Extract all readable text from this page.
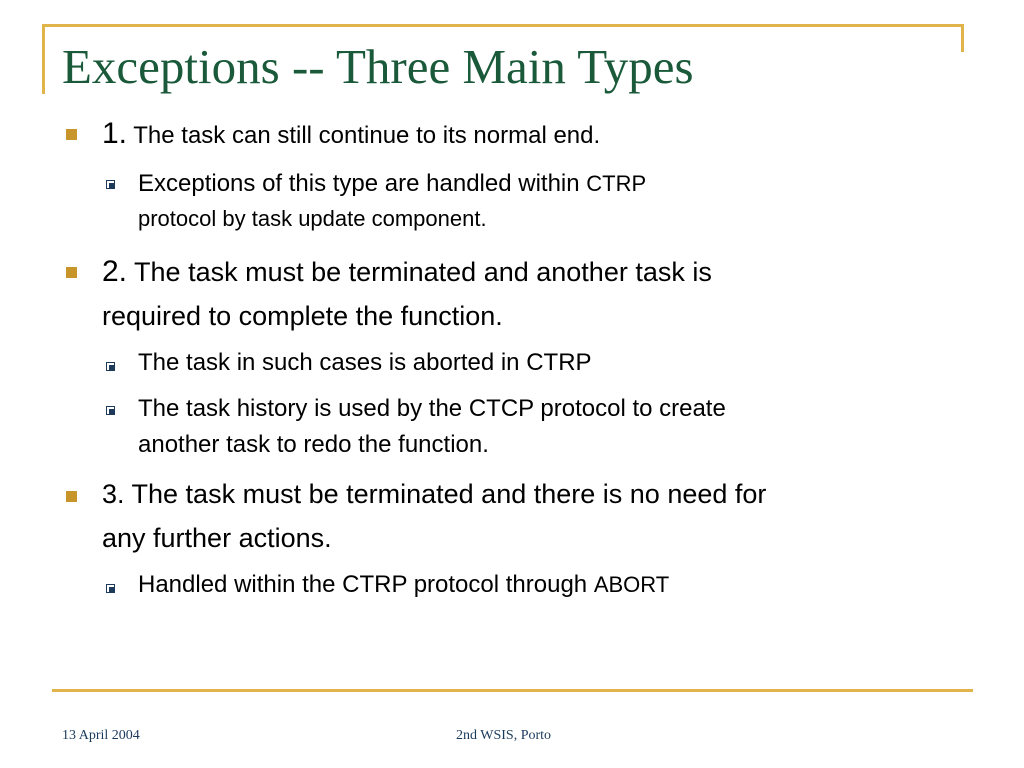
Exceptions -- Three Main Types

1. The task can still continue to its normal end.

Exceptions of this type are handled within CTRP

protocol by task update component.

2. The task must be terminated and another task is

required to complete the function.

The task in such cases is aborted in CTRP

The task history is used by the CTCP protocol to create

another task to redo the function.

3. The task must be terminated and there is no need for

any further actions.

Handled within the CTRP protocol through ABORT

13 April 2004	2nd WSIS, Porto
